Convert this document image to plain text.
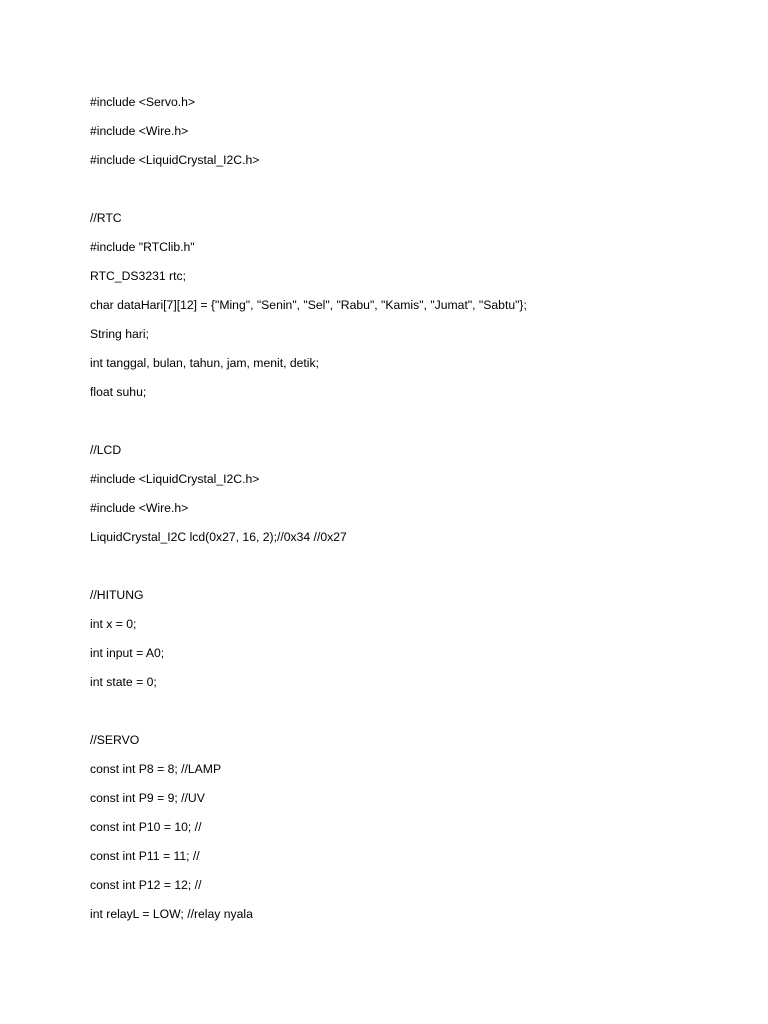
#include <Servo.h>
#include <Wire.h>
#include <LiquidCrystal_I2C.h>
//RTC
#include "RTClib.h"
RTC_DS3231 rtc;
char dataHari[7][12] = {"Ming", "Senin", "Sel", "Rabu", "Kamis", "Jumat", "Sabtu"};
String hari;
int tanggal, bulan, tahun, jam, menit, detik;
float suhu;
//LCD
#include <LiquidCrystal_I2C.h>
#include <Wire.h>
LiquidCrystal_I2C lcd(0x27, 16, 2);//0x34 //0x27
//HITUNG
int x = 0;
int input = A0;
int state = 0;
//SERVO
const int P8 = 8; //LAMP
const int P9 = 9; //UV
const int P10 = 10; //
const int P11 = 11; //
const int P12 = 12; //
int relayL = LOW; //relay nyala
